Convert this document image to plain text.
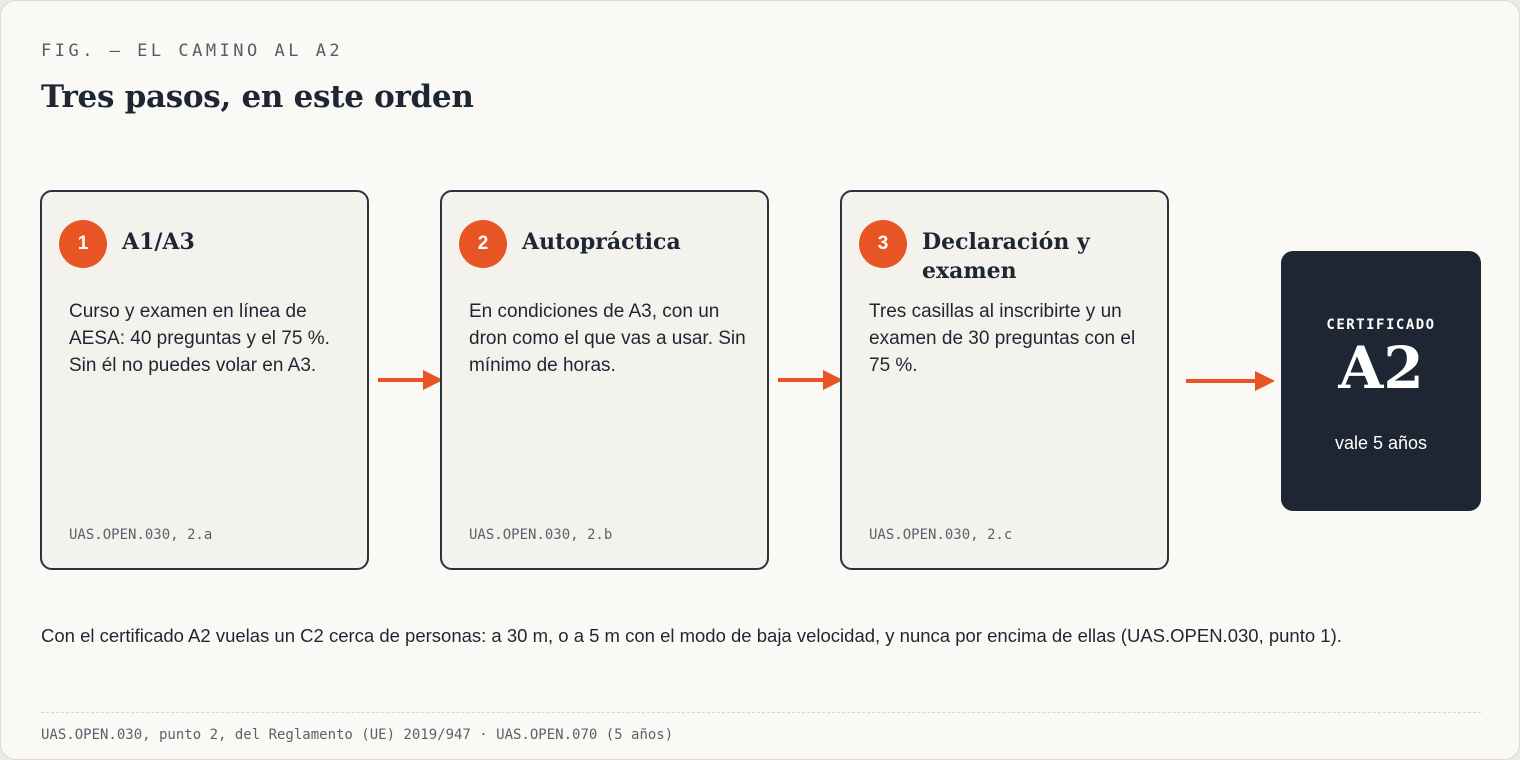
FIG. — EL CAMINO AL A2
Tres pasos, en este orden
1	A1/A3
Curso y examen en línea de AESA: 40 preguntas y el 75 %. Sin él no puedes volar en A3.
UAS.OPEN.030, 2.a
2	Autopráctica
En condiciones de A3, con un dron como el que vas a usar. Sin mínimo de horas.
UAS.OPEN.030, 2.b
3	Declaración y examen
Tres casillas al inscribirte y un examen de 30 preguntas con el 75 %.
UAS.OPEN.030, 2.c
CERTIFICADO
A2
vale 5 años
Con el certificado A2 vuelas un C2 cerca de personas: a 30 m, o a 5 m con el modo de baja velocidad, y nunca por encima de ellas (UAS.OPEN.030, punto 1).
UAS.OPEN.030, punto 2, del Reglamento (UE) 2019/947 · UAS.OPEN.070 (5 años)
